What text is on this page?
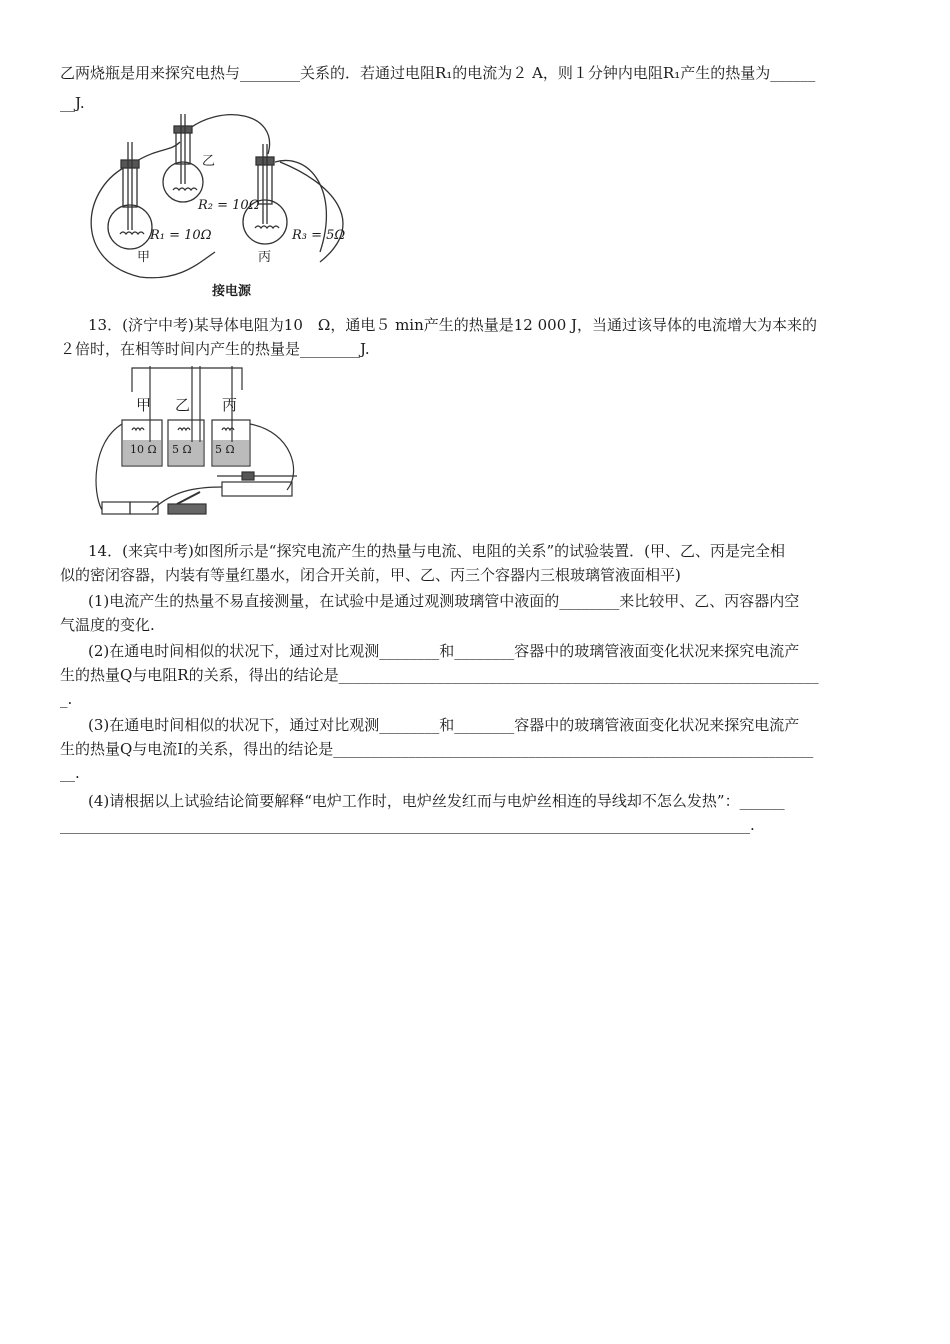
乙两烧瓶是用来探究电热与________关系的．若通过电阻R₁的电流为２ A，则１分钟内电阻R₁产生的热量为______
__J.
乙
R₂ = 10Ω
R₁ = 10Ω	R₃ = 5Ω
甲	丙
接电源
13．(济宁中考)某导体电阻为10　Ω，通电５ min产生的热量是12 000 J，当通过该导体的电流增大为本来的
２倍时，在相等时间内产生的热量是________J.
甲 乙 丙
10 Ω 5 Ω 5 Ω
14．(来宾中考)如图所示是“探究电流产生的热量与电流、电阻的关系”的试验装置．(甲、乙、丙是完全相
似的密闭容器，内装有等量红墨水，闭合开关前，甲、乙、丙三个容器内三根玻璃管液面相平)
(1)电流产生的热量不易直接测量，在试验中是通过观测玻璃管中液面的________来比较甲、乙、丙容器内空
气温度的变化.
(2)在通电时间相似的状况下，通过对比观测________和________容器中的玻璃管液面变化状况来探究电流产
生的热量Q与电阻R的关系，得出的结论是________________________________________________________________
_.
(3)在通电时间相似的状况下，通过对比观测________和________容器中的玻璃管液面变化状况来探究电流产
生的热量Q与电流I的关系，得出的结论是________________________________________________________________
__.
(4)请根据以上试验结论简要解释“电炉工作时，电炉丝发红而与电炉丝相连的导线却不怎么发热”：______
____________________________________________________________________________________________.
